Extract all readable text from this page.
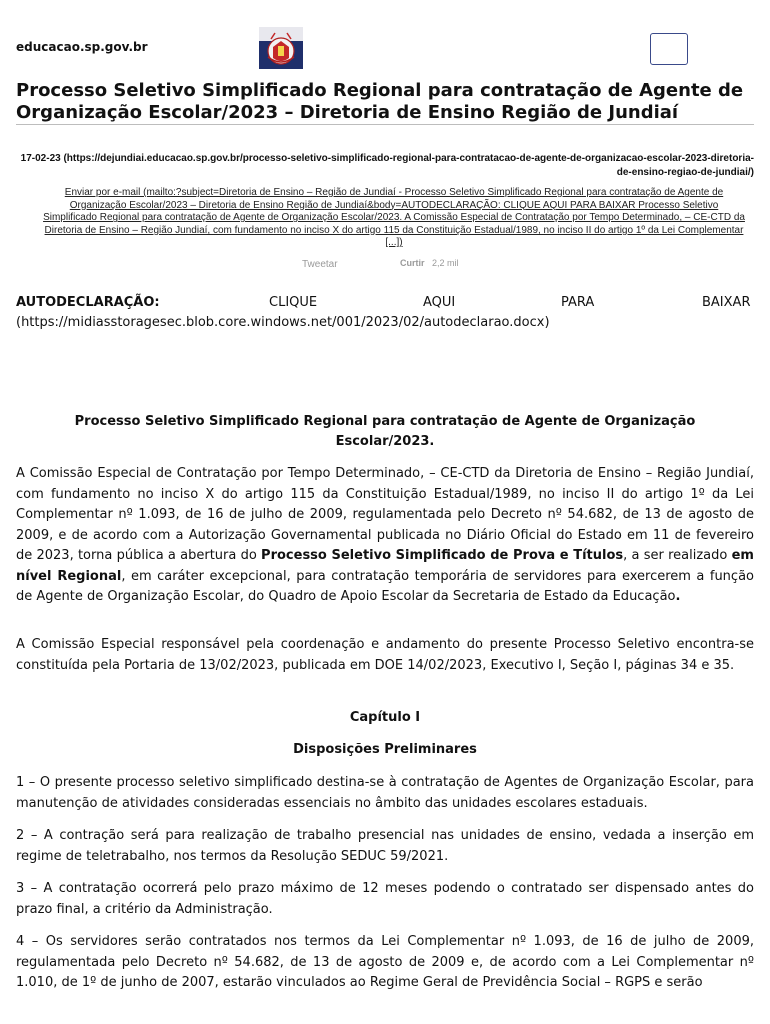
educacao.sp.gov.br
Processo Seletivo Simplificado Regional para contratação de Agente de Organização Escolar/2023 – Diretoria de Ensino Região de Jundiaí

17-02-23 (https://dejundiai.educacao.sp.gov.br/processo-seletivo-simplificado-regional-para-contratacao-de-agente-de-organizacao-escolar-2023-diretoria-de-ensino-regiao-de-jundiai/)

Enviar por e-mail (mailto:?subject=Diretoria de Ensino – Região de Jundiaí - Processo Seletivo Simplificado Regional para contratação de Agente de Organização Escolar/2023 – Diretoria de Ensino Região de Jundiaí&body=AUTODECLARAÇÃO: CLIQUE AQUI PARA BAIXAR Processo Seletivo Simplificado Regional para contratação de Agente de Organização Escolar/2023. A Comissão Especial de Contratação por Tempo Determinado, – CE-CTD da Diretoria de Ensino – Região Jundiaí, com fundamento no inciso X do artigo 115 da Constituição Estadual/1989, no inciso II do artigo 1º da Lei Complementar [...])

Tweetar	Curtir 2,2 mil
AUTODECLARAÇÃO:	CLIQUE	AQUI	PARA	BAIXAR
(https://midiasstoragesec.blob.core.windows.net/001/2023/02/autodeclarao.docx)
Processo Seletivo Simplificado Regional para contratação de Agente de Organização
Escolar/2023.

A Comissão Especial de Contratação por Tempo Determinado, – CE-CTD da Diretoria de Ensino – Região Jundiaí, com fundamento no inciso X do artigo 115 da Constituição Estadual/1989, no inciso II do artigo 1º da Lei Complementar nº 1.093, de 16 de julho de 2009, regulamentada pelo Decreto nº 54.682, de 13 de agosto de 2009, e de acordo com a Autorização Governamental publicada no Diário Oficial do Estado em 11 de fevereiro de 2023, torna pública a abertura do Processo Seletivo Simplificado de Prova e Títulos, a ser realizado em nível Regional, em caráter excepcional, para contratação temporária de servidores para exercerem a função de Agente de Organização Escolar, do Quadro de Apoio Escolar da Secretaria de Estado da Educação.

A Comissão Especial responsável pela coordenação e andamento do presente Processo Seletivo encontra-se constituída pela Portaria de 13/02/2023, publicada em DOE 14/02/2023, Executivo I, Seção I, páginas 34 e 35.

Capítulo I
Disposições Preliminares

1 – O presente processo seletivo simplificado destina-se à contratação de Agentes de Organização Escolar, para manutenção de atividades consideradas essenciais no âmbito das unidades escolares estaduais.

2 – A contração será para realização de trabalho presencial nas unidades de ensino, vedada a inserção em regime de teletrabalho, nos termos da Resolução SEDUC 59/2021.

3 – A contratação ocorrerá pelo prazo máximo de 12 meses podendo o contratado ser dispensado antes do prazo final, a critério da Administração.

4 – Os servidores serão contratados nos termos da Lei Complementar nº 1.093, de 16 de julho de 2009, regulamentada pelo Decreto nº 54.682, de 13 de agosto de 2009 e, de acordo com a Lei Complementar nº 1.010, de 1º de junho de 2007, estarão vinculados ao Regime Geral de Previdência Social – RGPS e serão
